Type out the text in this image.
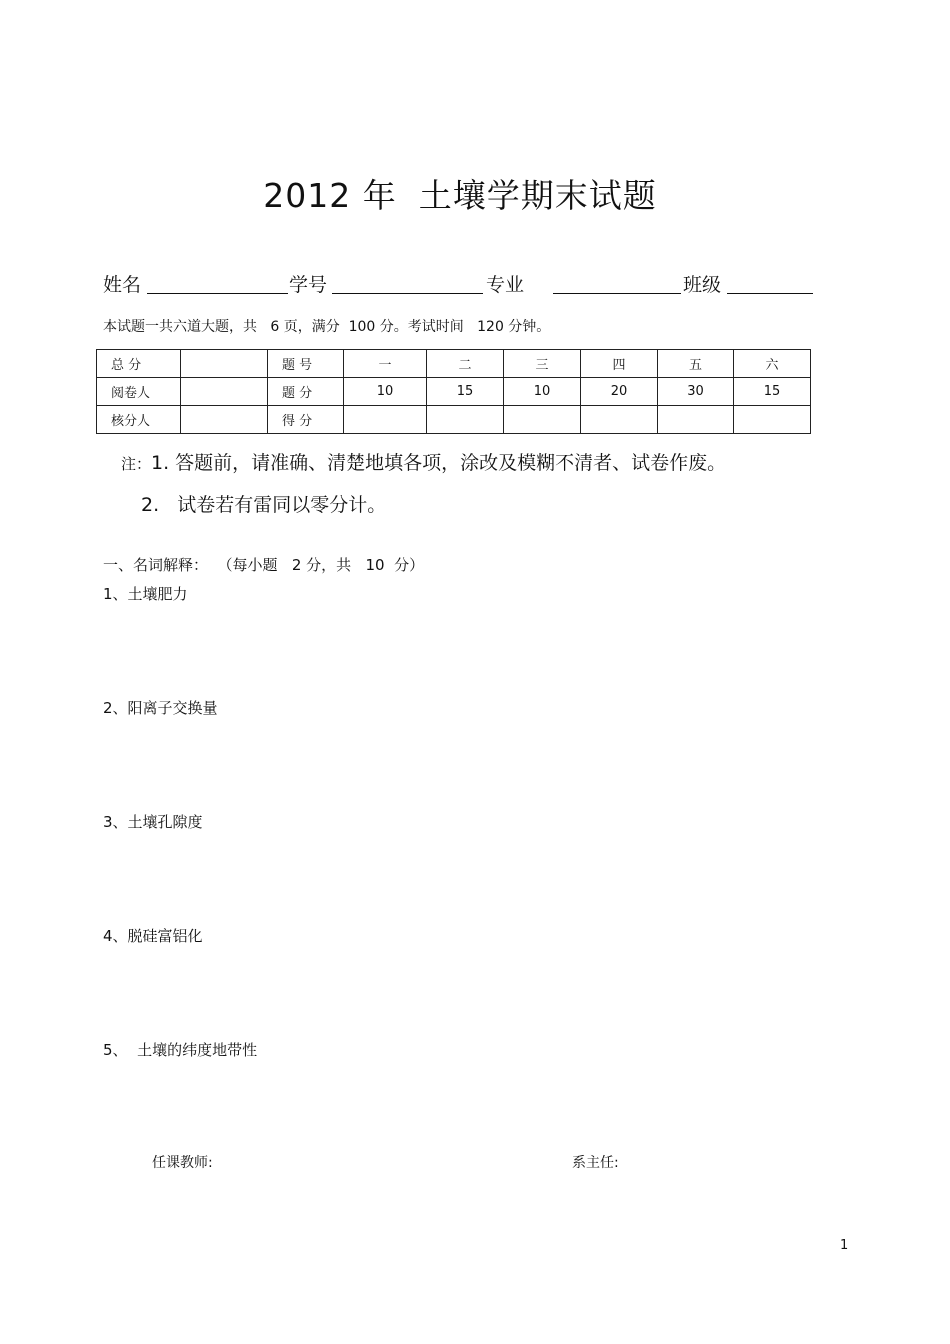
2012 年 土壤学期末试题
姓名	学号	专业	班级
本试题一共六道大题，共   6 页，满分  100 分。考试时间   120 分钟。
总 分		题 号	一	二	三	四	五	六
阅卷人		题 分	10	15	10	20	30	15
核分人		得 分						
注：1. 答题前，请准确、清楚地填各项，涂改及模糊不清者、试卷作废。
2.   试卷若有雷同以零分计。
一、名词解释：  （每小题   2 分，共   10  分）
1、土壤肥力
2、阳离子交换量
3、土壤孔隙度
4、脱硅富铝化
5、  土壤的纬度地带性
任课教师:	系主任:
1
